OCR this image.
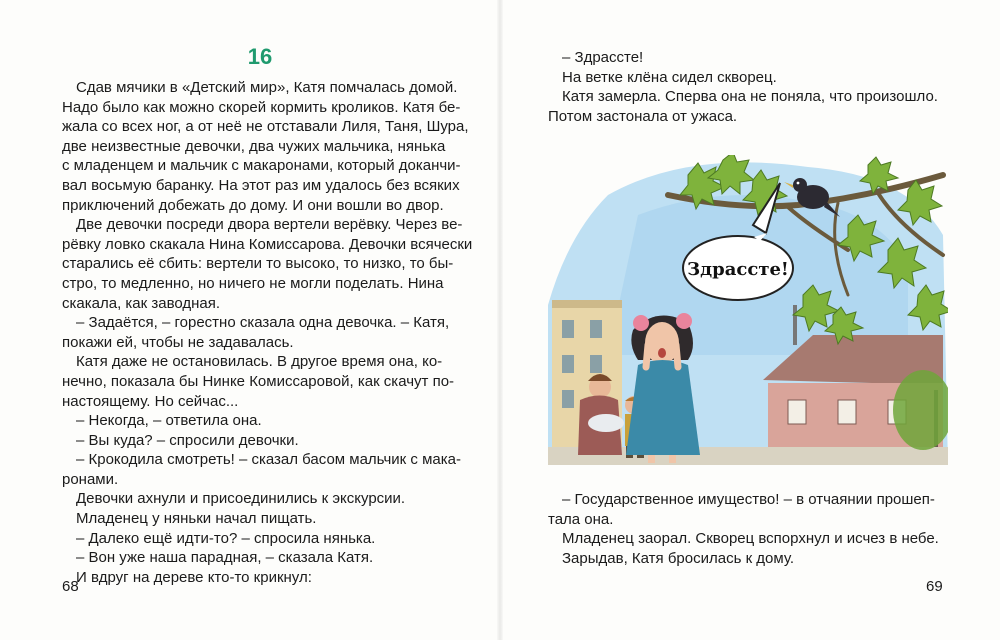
16
Сдав мячики в «Детский мир», Катя помчалась домой.
Надо было как можно скорей кормить кроликов. Катя бе-
жала со всех ног, а от неё не отставали Лиля, Таня, Шура,
две неизвестные девочки, два чужих мальчика, нянька
с младенцем и мальчик с макаронами, который доканчи-
вал восьмую баранку. На этот раз им удалось без всяких
приключений добежать до дому. И они вошли во двор.
Две девочки посреди двора вертели верёвку. Через ве-
рёвку ловко скакала Нина Комиссарова. Девочки всячески
старались её сбить: вертели то высоко, то низко, то бы-
стро, то медленно, но ничего не могли поделать. Нина
скакала, как заводная.
– Задаётся, – горестно сказала одна девочка. – Катя,
покажи ей, чтобы не задавалась.
Катя даже не остановилась. В другое время она, ко-
нечно, показала бы Нинке Комиссаровой, как скачут по-
настоящему. Но сейчас...
– Некогда, – ответила она.
– Вы куда? – спросили девочки.
– Крокодила смотреть! – сказал басом мальчик с мака-
ронами.
Девочки ахнули и присоединились к экскурсии.
Младенец у няньки начал пищать.
– Далеко ещё идти-то? – спросила нянька.
– Вон уже наша парадная, – сказала Катя.
И вдруг на дереве кто-то крикнул:
68
– Здрассте!
На ветке клёна сидел скворец.
Катя замерла. Сперва она не поняла, что произошло.
Потом застонала от ужаса.
Здрассте!
– Государственное имущество! – в отчаянии прошеп-
тала она.
Младенец заорал. Скворец вспорхнул и исчез в небе.
Зарыдав, Катя бросилась к дому.
69
